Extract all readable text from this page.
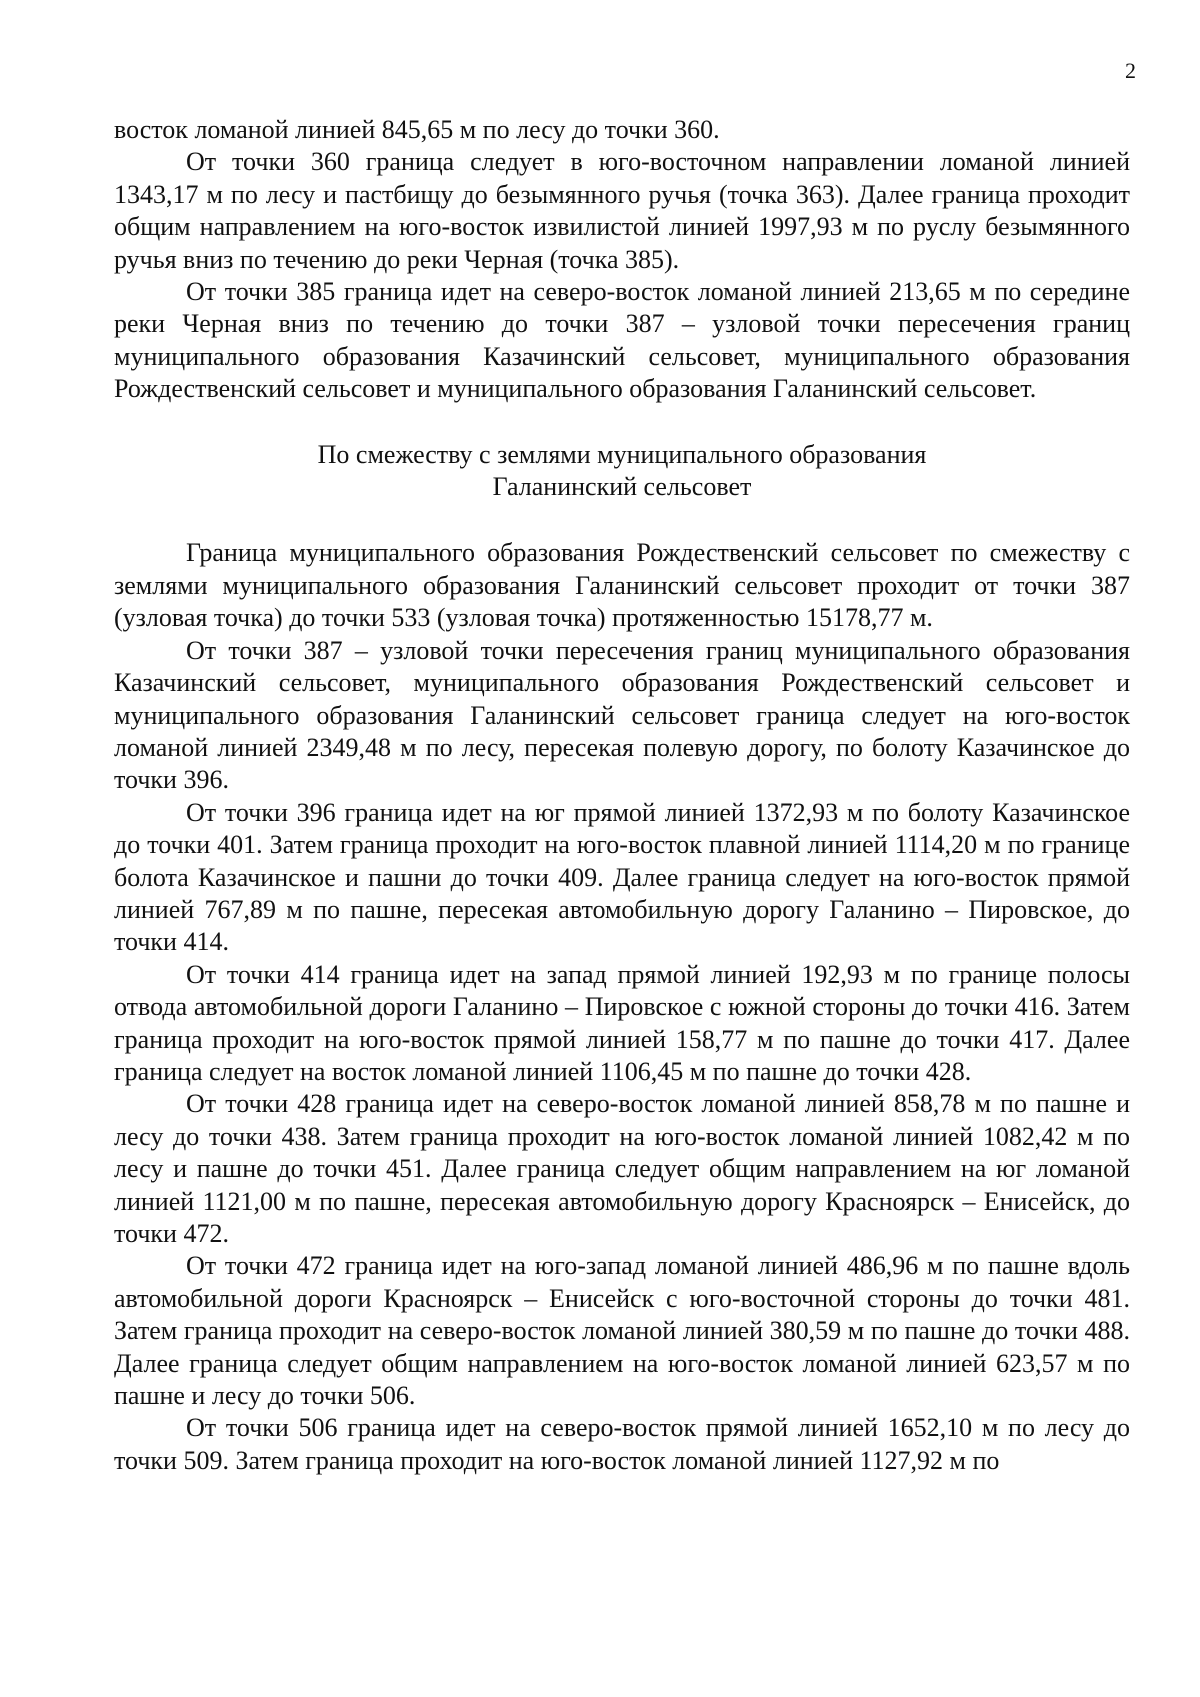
2

восток ломаной линией 845,65 м по лесу до точки 360.

От точки 360 граница следует в юго-восточном направлении ломаной линией 1343,17 м по лесу и пастбищу до безымянного ручья (точка 363). Далее граница проходит общим направлением на юго-восток извилистой линией 1997,93 м по руслу безымянного ручья вниз по течению до реки Черная (точка 385).

От точки 385 граница идет на северо-восток ломаной линией 213,65 м по середине реки Черная вниз по течению до точки 387 – узловой точки пересечения границ муниципального образования Казачинский сельсовет, муниципального образования Рождественский сельсовет и муниципального образования Галанинский сельсовет.

По смежеству с землями муниципального образования
Галанинский сельсовет

Граница муниципального образования Рождественский сельсовет по смежеству с землями муниципального образования Галанинский сельсовет проходит от точки 387 (узловая точка) до точки 533 (узловая точка) протяженностью 15178,77 м.

От точки 387 – узловой точки пересечения границ муниципального образования Казачинский сельсовет, муниципального образования Рождественский сельсовет и муниципального образования Галанинский сельсовет граница следует на юго-восток ломаной линией 2349,48 м по лесу, пересекая полевую дорогу, по болоту Казачинское до точки 396.

От точки 396 граница идет на юг прямой линией 1372,93 м по болоту Казачинское до точки 401. Затем граница проходит на юго-восток плавной линией 1114,20 м по границе болота Казачинское и пашни до точки 409. Далее граница следует на юго-восток прямой линией 767,89 м по пашне, пересекая автомобильную дорогу Галанино – Пировское, до точки 414.

От точки 414 граница идет на запад прямой линией 192,93 м по границе полосы отвода автомобильной дороги Галанино – Пировское с южной стороны до точки 416. Затем граница проходит на юго-восток прямой линией 158,77 м по пашне до точки 417. Далее граница следует на восток ломаной линией 1106,45 м по пашне до точки 428.

От точки 428 граница идет на северо-восток ломаной линией 858,78 м по пашне и лесу до точки 438. Затем граница проходит на юго-восток ломаной линией 1082,42 м по лесу и пашне до точки 451. Далее граница следует общим направлением на юг ломаной линией 1121,00 м по пашне, пересекая автомобильную дорогу Красноярск – Енисейск, до точки 472.

От точки 472 граница идет на юго-запад ломаной линией 486,96 м по пашне вдоль автомобильной дороги Красноярск – Енисейск с юго-восточной стороны до точки 481. Затем граница проходит на северо-восток ломаной линией 380,59 м по пашне до точки 488. Далее граница следует общим направлением на юго-восток ломаной линией 623,57 м по пашне и лесу до точки 506.

От точки 506 граница идет на северо-восток прямой линией 1652,10 м по лесу до точки 509. Затем граница проходит на юго-восток ломаной линией 1127,92 м по
